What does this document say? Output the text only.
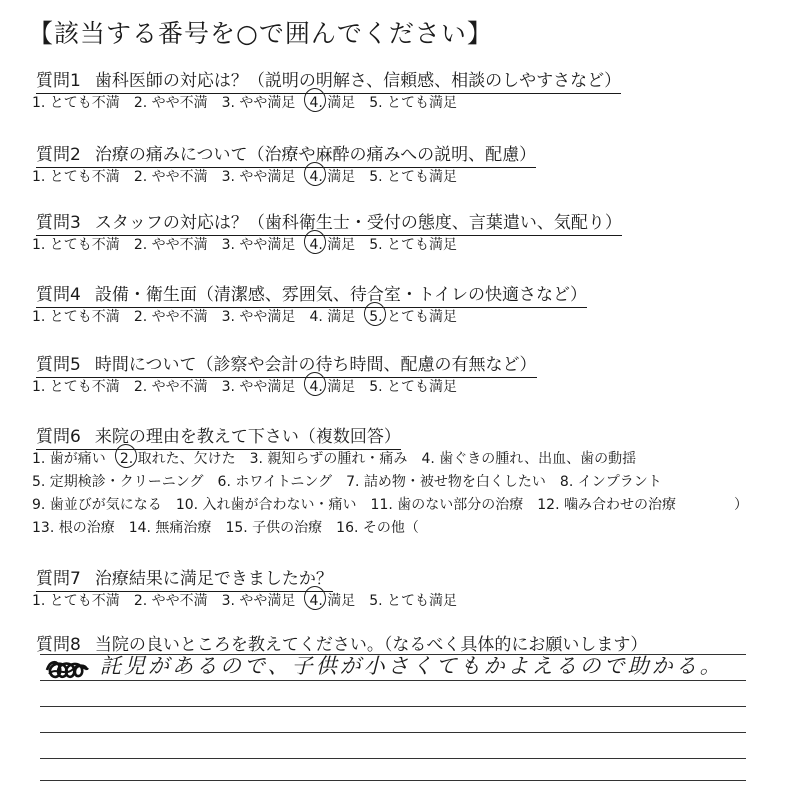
【該当する番号を○で囲んでください】
質問1 歯科医師の対応は？（説明の明解さ、信頼感、相談のしやすさなど）
1. とても不満 2. やや不満 3. やや満足 4. 満足 5. とても満足
質問2 治療の痛みについて（治療や麻酔の痛みへの説明、配慮）
1. とても不満 2. やや不満 3. やや満足 4. 満足 5. とても満足
質問3 スタッフの対応は？（歯科衛生士・受付の態度、言葉遣い、気配り）
1. とても不満 2. やや不満 3. やや満足 4. 満足 5. とても満足
質問4 設備・衛生面（清潔感、雰囲気、待合室・トイレの快適さなど）
1. とても不満 2. やや不満 3. やや満足 4. 満足 5. とても満足
質問5 時間について（診察や会計の待ち時間、配慮の有無など）
1. とても不満 2. やや不満 3. やや満足 4. 満足 5. とても満足
質問6 来院の理由を教えて下さい（複数回答）
1. 歯が痛い 2. 取れた、欠けた 3. 親知らずの腫れ・痛み 4. 歯ぐきの腫れ、出血、歯の動揺
5. 定期検診・クリーニング 6. ホワイトニング 7. 詰め物・被せ物を白くしたい 8. インプラント
9. 歯並びが気になる 10. 入れ歯が合わない・痛い 11. 歯のない部分の治療 12. 噛み合わせの治療
13. 根の治療 14. 無痛治療 15. 子供の治療 16. その他（
）
質問7 治療結果に満足できましたか？
1. とても不満 2. やや不満 3. やや満足 4. 満足 5. とても満足
質問8 当院の良いところを教えてください。（なるべく具体的にお願いします）
託児があるので、子供が小さくてもかよえるので助かる。
